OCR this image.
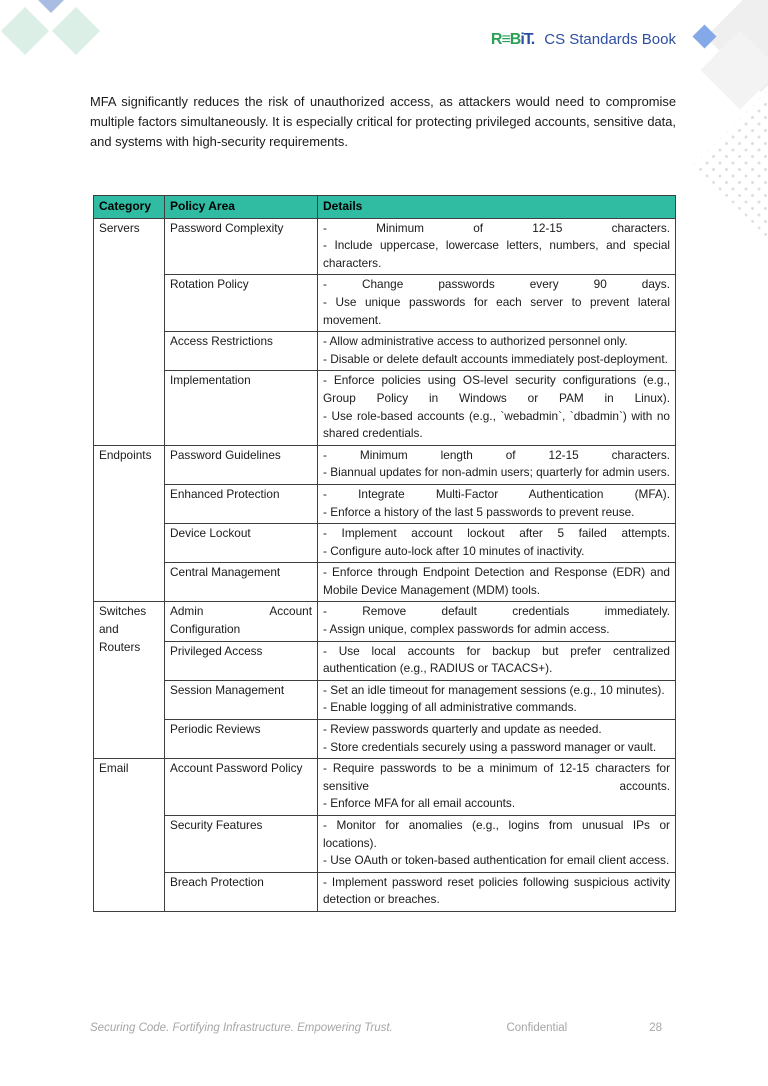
R≡BiT. CS Standards Book

MFA significantly reduces the risk of unauthorized access, as attackers would need to compromise multiple factors simultaneously. It is especially critical for protecting privileged accounts, sensitive data, and systems with high-security requirements.

Category	Policy Area	Details
Servers	Password Complexity	- Minimum of 12-15 characters.
- Include uppercase, lowercase letters, numbers, and special characters.

	Rotation Policy	- Change passwords every 90 days.
- Use unique passwords for each server to prevent lateral movement.

	Access Restrictions	- Allow administrative access to authorized personnel only.
- Disable or delete default accounts immediately post-deployment.

	Implementation	- Enforce policies using OS-level security configurations (e.g., Group Policy in Windows or PAM in Linux).
- Use role-based accounts (e.g., `webadmin`, `dbadmin`) with no shared credentials.

Endpoints	Password Guidelines	- Minimum length of 12-15 characters.
- Biannual updates for non-admin users; quarterly for admin users.

	Enhanced Protection	- Integrate Multi-Factor Authentication (MFA).
- Enforce a history of the last 5 passwords to prevent reuse.

	Device Lockout	- Implement account lockout after 5 failed attempts.
- Configure auto-lock after 10 minutes of inactivity.

	Central Management	- Enforce through Endpoint Detection and Response (EDR) and Mobile Device Management (MDM) tools.

Switches and Routers	Admin Account Configuration	- Remove default credentials immediately.
- Assign unique, complex passwords for admin access.

	Privileged Access	- Use local accounts for backup but prefer centralized authentication (e.g., RADIUS or TACACS+).

	Session Management	- Set an idle timeout for management sessions (e.g., 10 minutes).
- Enable logging of all administrative commands.

	Periodic Reviews	- Review passwords quarterly and update as needed.
- Store credentials securely using a password manager or vault.

Email	Account Password Policy	- Require passwords to be a minimum of 12-15 characters for sensitive accounts.
- Enforce MFA for all email accounts.

	Security Features	- Monitor for anomalies (e.g., logins from unusual IPs or locations).
- Use OAuth or token-based authentication for email client access.

	Breach Protection	- Implement password reset policies following suspicious activity detection or breaches.
Securing Code. Fortifying Infrastructure. Empowering Trust.	Confidential	28
